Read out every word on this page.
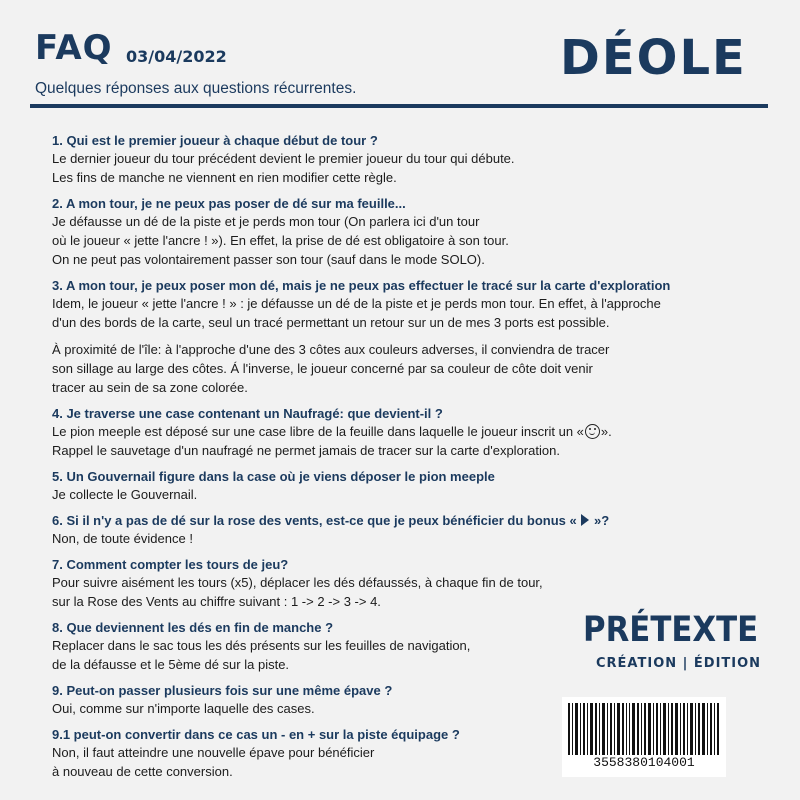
FAQ 03/04/2022	DÉOLE
Quelques réponses aux questions récurrentes.
1. Qui est le premier joueur à chaque début de tour ?
Le dernier joueur du tour précédent devient le premier joueur du tour qui débute.
Les fins de manche ne viennent en rien modifier cette règle.
2. A mon tour, je ne peux pas poser de dé sur ma feuille...
Je défausse un dé de la piste et je perds mon tour (On parlera ici d'un tour
où le joueur « jette l'ancre ! »). En effet, la prise de dé est obligatoire à son tour.
On ne peut pas volontairement passer son tour (sauf dans le mode SOLO).
3. A mon tour, je peux poser mon dé, mais je ne peux pas effectuer le tracé sur la carte d'exploration
Idem, le joueur « jette l'ancre ! » : je défausse un dé de la piste et je perds mon tour. En effet, à l'approche
d'un des bords de la carte, seul un tracé permettant un retour sur un de mes 3 ports est possible.
À proximité de l'île: à l'approche d'une des 3 côtes aux couleurs adverses, il conviendra de tracer
son sillage au large des côtes. Á l'inverse, le joueur concerné par sa couleur de côte doit venir
tracer au sein de sa zone colorée.
4. Je traverse une case contenant un Naufragé: que devient-il ?
Le pion meeple est déposé sur une case libre de la feuille dans laquelle le joueur inscrit un « ».
Rappel le sauvetage d'un naufragé ne permet jamais de tracer sur la carte d'exploration.
5. Un Gouvernail figure dans la case où je viens déposer le pion meeple
Je collecte le Gouvernail.
6. Si il n'y a pas de dé sur la rose des vents, est-ce que je peux bénéficier du bonus « »?
Non, de toute évidence !
7. Comment compter les tours de jeu?
Pour suivre aisément les tours (x5), déplacer les dés défaussés, à chaque fin de tour,
sur la Rose des Vents au chiffre suivant : 1 -> 2 -> 3 -> 4.
8. Que deviennent les dés en fin de manche ?
Replacer dans le sac tous les dés présents sur les feuilles de navigation,
de la défausse et le 5ème dé sur la piste.
9. Peut-on passer plusieurs fois sur une même épave ?
Oui, comme sur n'importe laquelle des cases.
9.1 peut-on convertir dans ce cas un - en + sur la piste équipage ?
Non, il faut atteindre une nouvelle épave pour bénéficier
à nouveau de cette conversion.
PRÉTEXTE
CRÉATION | ÉDITION
3558380104001
